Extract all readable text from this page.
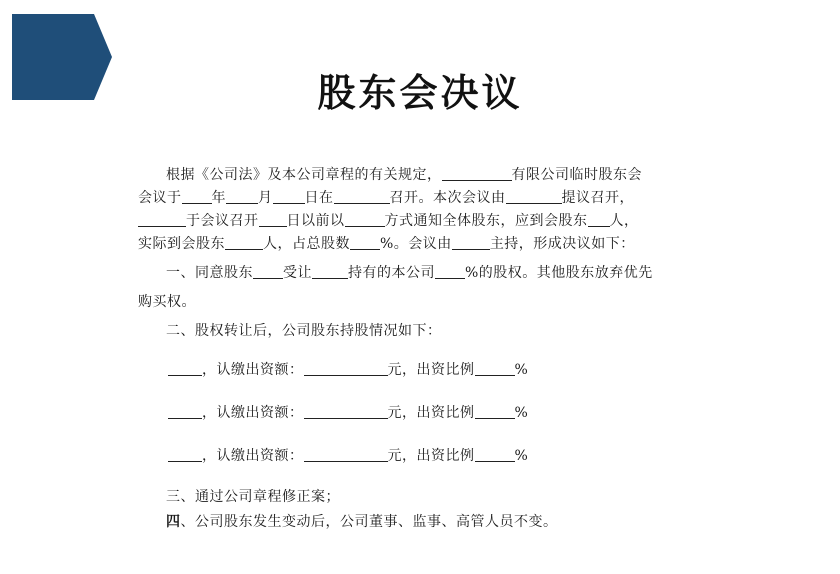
股东会决议
根据《公司法》及本公司章程的有关规定，	有限公司临时股东会
会议于 年 月 日在	召开。本次会议由	提议召开，
于会议召开 日以前以	方式通知全体股东，应到会股东 人，
实际到会股东	人，占总股数 %。会议由	主持，形成决议如下：
一、同意股东 受让	持有的本公司 %的股权。其他股东放弃优先
购买权。
二、股权转让后，公司股东持股情况如下：
，认缴出资额：	元，出资比例	%
，认缴出资额：	元，出资比例	%
，认缴出资额：	元，出资比例	%
三、通过公司章程修正案；
四、公司股东发生变动后，公司董事、监事、高管人员不变。
